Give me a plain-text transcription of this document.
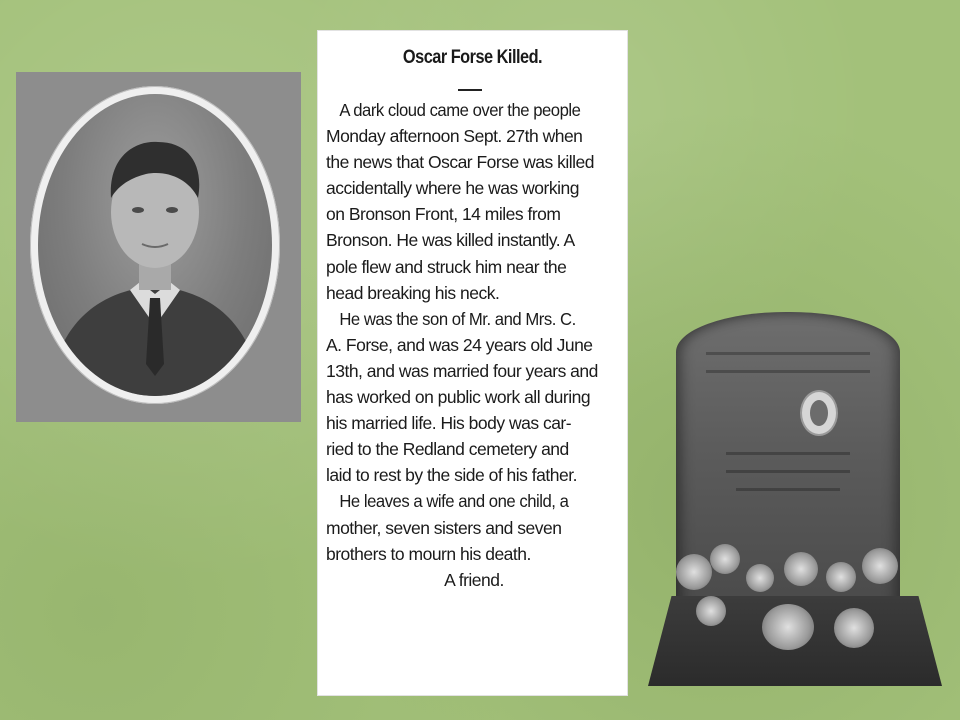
Oscar Forse Killed.
A dark cloud came over the people
Monday afternoon Sept. 27th when
the news that Oscar Forse was killed
accidentally where he was working
on Bronson Front, 14 miles from
Bronson. He was killed instantly. A
pole flew and struck him near the
head breaking his neck.
He was the son of Mr. and Mrs. C.
A. Forse, and was 24 years old June
13th, and was married four years and
has worked on public work all during
his married life. His body was car-
ried to the Redland cemetery and
laid to rest by the side of his father.
He leaves a wife and one child, a
mother, seven sisters and seven
brothers to mourn his death.
A friend.
